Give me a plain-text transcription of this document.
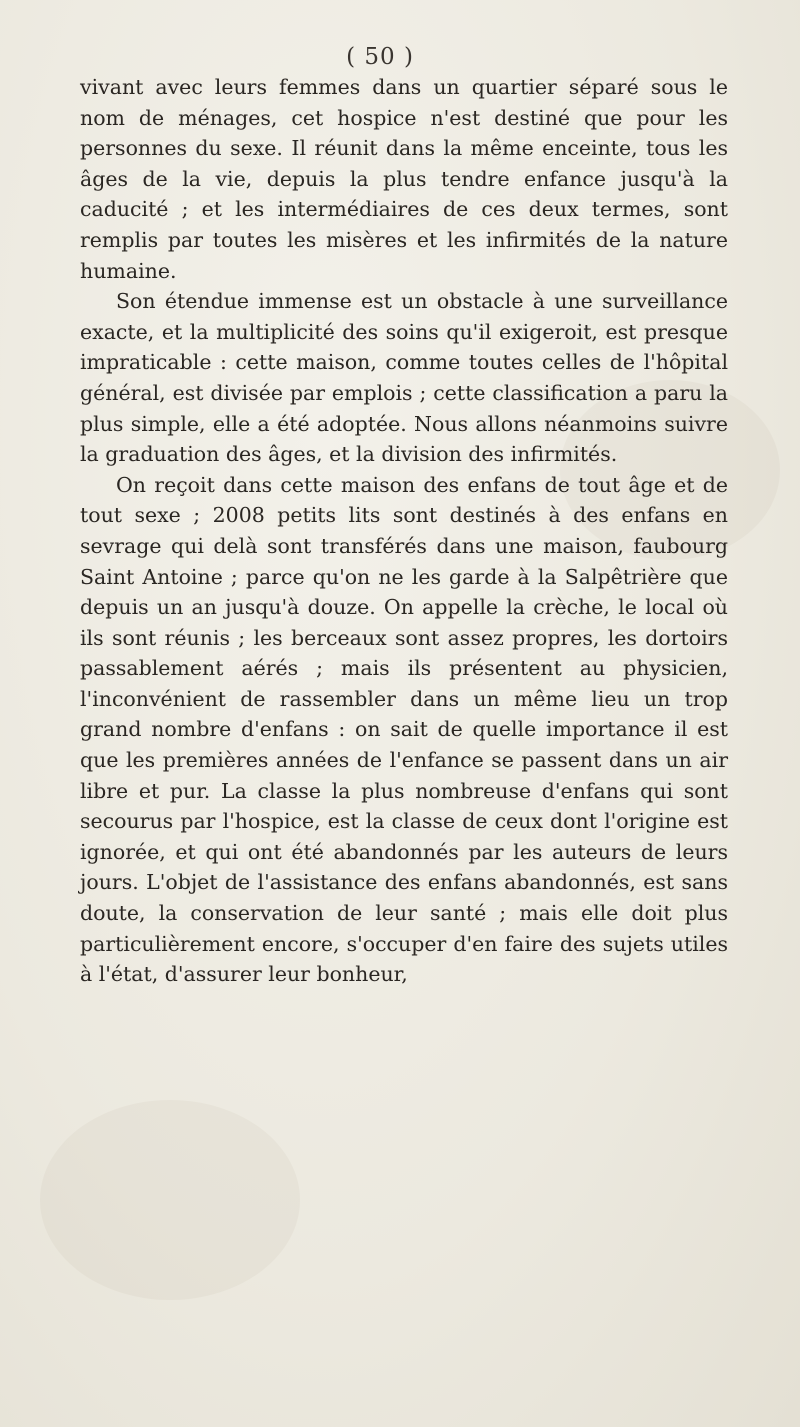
( 50 )

vivant avec leurs femmes dans un quartier séparé sous le nom de ménages, cet hospice n'est destiné que pour les personnes du sexe. Il réunit dans la même enceinte, tous les âges de la vie, depuis la plus tendre enfance jusqu'à la caducité ; et les intermédiaires de ces deux termes, sont remplis par toutes les misères et les infirmités de la nature humaine.

Son étendue immense est un obstacle à une surveillance exacte, et la multiplicité des soins qu'il exigeroit, est presque impraticable : cette maison, comme toutes celles de l'hôpital général, est divisée par emplois ; cette classification a paru la plus simple, elle a été adoptée. Nous allons néanmoins suivre la graduation des âges, et la division des infirmités.

On reçoit dans cette maison des enfans de tout âge et de tout sexe ; 2008 petits lits sont destinés à des enfans en sevrage qui delà sont transférés dans une maison, faubourg Saint Antoine ; parce qu'on ne les garde à la Salpêtrière que depuis un an jusqu'à douze. On appelle la crèche, le local où ils sont réunis ; les berceaux sont assez propres, les dortoirs passablement aérés ; mais ils présentent au physicien, l'inconvénient de rassembler dans un même lieu un trop grand nombre d'enfans : on sait de quelle importance il est que les premières années de l'enfance se passent dans un air libre et pur. La classe la plus nombreuse d'enfans qui sont secourus par l'hospice, est la classe de ceux dont l'origine est ignorée, et qui ont été abandonnés par les auteurs de leurs jours. L'objet de l'assistance des enfans abandonnés, est sans doute, la conservation de leur santé ; mais elle doit plus particulièrement encore, s'occuper d'en faire des sujets utiles à l'état, d'assurer leur bonheur,
